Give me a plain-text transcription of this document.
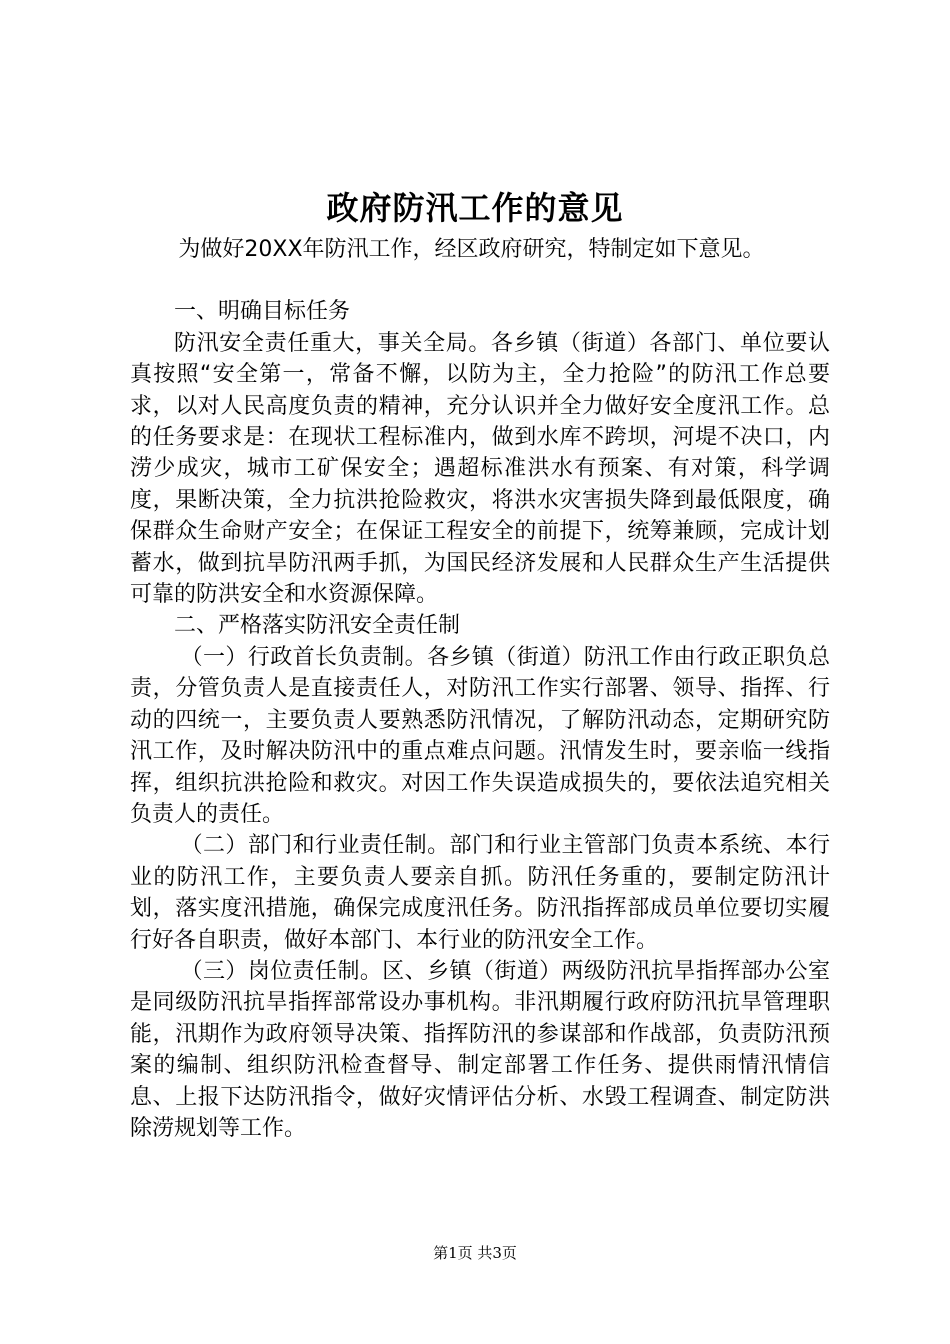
政府防汛工作的意见

为做好20XX年防汛工作，经区政府研究，特制定如下意见。

一、明确目标任务

防汛安全责任重大，事关全局。各乡镇（街道）各部门、单位要认真按照“安全第一，常备不懈，以防为主，全力抢险”的防汛工作总要求，以对人民高度负责的精神，充分认识并全力做好安全度汛工作。总的任务要求是：在现状工程标准内，做到水库不跨坝，河堤不决口，内涝少成灾，城市工矿保安全；遇超标准洪水有预案、有对策，科学调度，果断决策，全力抗洪抢险救灾，将洪水灾害损失降到最低限度，确保群众生命财产安全；在保证工程安全的前提下，统筹兼顾，完成计划蓄水，做到抗旱防汛两手抓，为国民经济发展和人民群众生产生活提供可靠的防洪安全和水资源保障。

二、严格落实防汛安全责任制

（一）行政首长负责制。各乡镇（街道）防汛工作由行政正职负总责，分管负责人是直接责任人，对防汛工作实行部署、领导、指挥、行动的四统一，主要负责人要熟悉防汛情况，了解防汛动态，定期研究防汛工作，及时解决防汛中的重点难点问题。汛情发生时，要亲临一线指挥，组织抗洪抢险和救灾。对因工作失误造成损失的，要依法追究相关负责人的责任。

（二）部门和行业责任制。部门和行业主管部门负责本系统、本行业的防汛工作，主要负责人要亲自抓。防汛任务重的，要制定防汛计划，落实度汛措施，确保完成度汛任务。防汛指挥部成员单位要切实履行好各自职责，做好本部门、本行业的防汛安全工作。

（三）岗位责任制。区、乡镇（街道）两级防汛抗旱指挥部办公室是同级防汛抗旱指挥部常设办事机构。非汛期履行政府防汛抗旱管理职能，汛期作为政府领导决策、指挥防汛的参谋部和作战部，负责防汛预案的编制、组织防汛检查督导、制定部署工作任务、提供雨情汛情信息、上报下达防汛指令，做好灾情评估分析、水毁工程调查、制定防洪除涝规划等工作。

第1页 共3页
